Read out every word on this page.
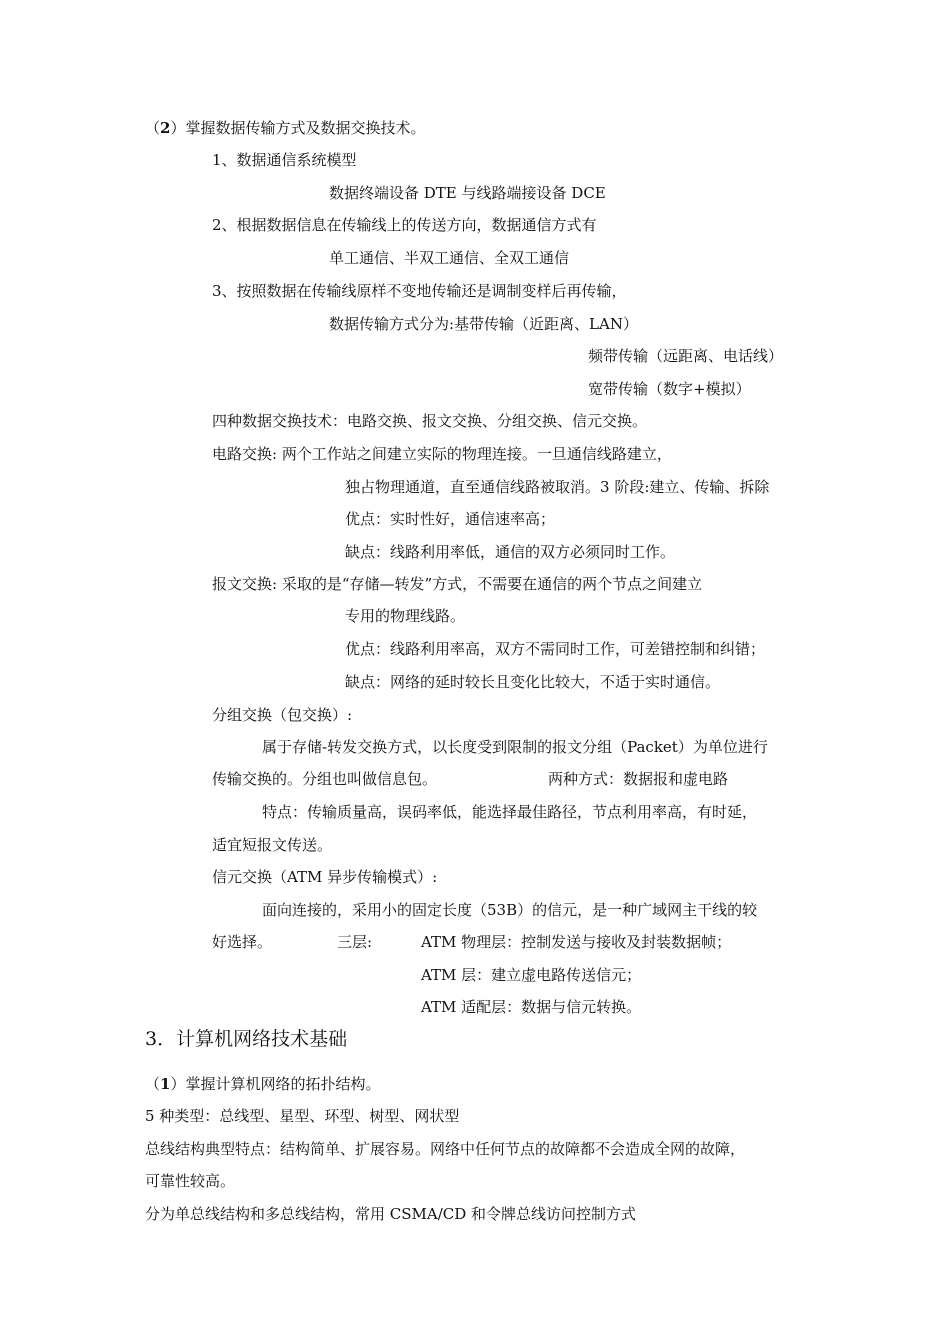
（2）掌握数据传输方式及数据交换技术。
1、数据通信系统模型
数据终端设备 DTE 与线路端接设备 DCE
2、根据数据信息在传输线上的传送方向，数据通信方式有
单工通信、半双工通信、全双工通信
3、按照数据在传输线原样不变地传输还是调制变样后再传输，
数据传输方式分为:基带传输（近距离、LAN）
频带传输（远距离、电话线）
宽带传输（数字+模拟）
四种数据交换技术：电路交换、报文交换、分组交换、信元交换。
电路交换: 两个工作站之间建立实际的物理连接。一旦通信线路建立，
独占物理通道，直至通信线路被取消。3 阶段:建立、传输、拆除
优点：实时性好，通信速率高；
缺点：线路利用率低，通信的双方必须同时工作。
报文交换: 采取的是“存储—转发”方式，不需要在通信的两个节点之间建立
专用的物理线路。
优点：线路利用率高，双方不需同时工作，可差错控制和纠错；
缺点：网络的延时较长且变化比较大，不适于实时通信。
分组交换（包交换）:
属于存储-转发交换方式，以长度受到限制的报文分组（Packet）为单位进行
传输交换的。分组也叫做信息包。	两种方式：数据报和虚电路
特点：传输质量高，误码率低，能选择最佳路径，节点利用率高，有时延，
适宜短报文传送。
信元交换（ATM 异步传输模式）:
面向连接的，采用小的固定长度（53B）的信元，是一种广域网主干线的较
好选择。	三层:	ATM 物理层：控制发送与接收及封装数据帧；
ATM 层：建立虚电路传送信元；
ATM 适配层：数据与信元转换。
3．计算机网络技术基础
（1）掌握计算机网络的拓扑结构。
5 种类型：总线型、星型、环型、树型、网状型
总线结构典型特点：结构简单、扩展容易。网络中任何节点的故障都不会造成全网的故障，
可靠性较高。
分为单总线结构和多总线结构，常用 CSMA/CD 和令牌总线访问控制方式
